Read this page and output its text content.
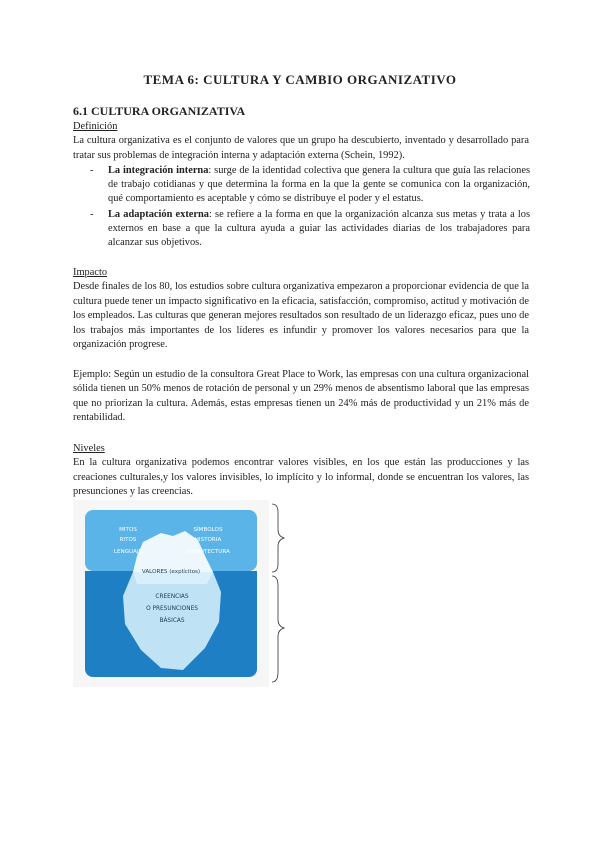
TEMA 6: CULTURA Y CAMBIO ORGANIZATIVO
6.1 CULTURA ORGANIZATIVA
Definición
La cultura organizativa es el conjunto de valores que un grupo ha descubierto, inventado y desarrollado para tratar sus problemas de integración interna y adaptación externa (Schein, 1992).
- La integración interna: surge de la identidad colectiva que genera la cultura que guía las relaciones de trabajo cotidianas y que determina la forma en la que la gente se comunica con la organización, qué comportamiento es aceptable y cómo se distribuye el poder y el estatus.
- La adaptación externa: se refiere a la forma en que la organización alcanza sus metas y trata a los externos en base a que la cultura ayuda a guiar las actividades diarias de los trabajadores para alcanzar sus objetivos.
Impacto
Desde finales de los 80, los estudios sobre cultura organizativa empezaron a proporcionar evidencia de que la cultura puede tener un impacto significativo en la eficacia, satisfacción, compromiso, actitud y motivación de los empleados. Las culturas que generan mejores resultados son resultado de un liderazgo eficaz, pues uno de los trabajos más importantes de los líderes es infundir y promover los valores necesarios para que la organización progrese.
Ejemplo: Según un estudio de la consultora Great Place to Work, las empresas con una cultura organizacional sólida tienen un 50% menos de rotación de personal y un 29% menos de absentismo laboral que las empresas que no priorizan la cultura. Además, estas empresas tienen un 24% más de productividad y un 21% más de rentabilidad.
Niveles
En la cultura organizativa podemos encontrar valores visibles, en los que están las producciones y las creaciones culturales,y los valores invisibles, lo implícito y lo informal, donde se encuentran los valores, las presunciones y las creencias.
MITOS
RITOS
LENGUAJE
SÍMBOLOS
HISTORIA
ARQUITECTURA
VALORES (explícitos)
CREENCIAS
O PRESUNCIONES
BÁSICAS
